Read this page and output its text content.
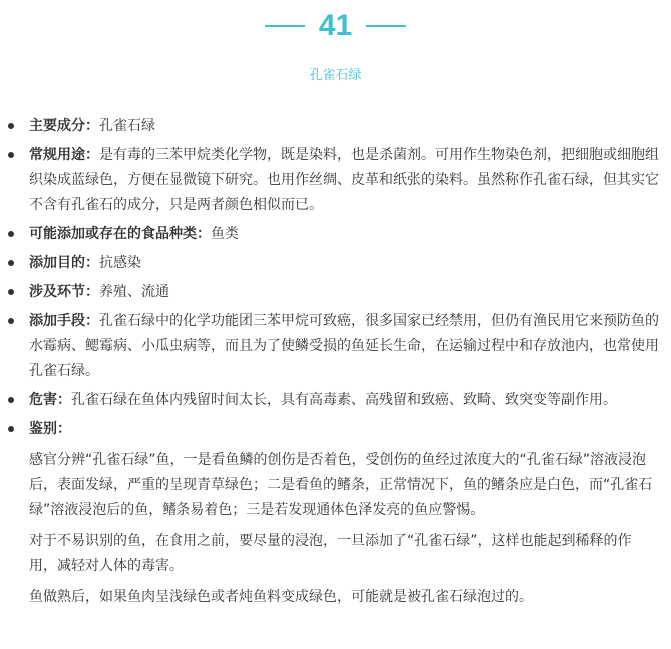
41
孔雀石绿
主要成分：孔雀石绿
常规用途：是有毒的三苯甲烷类化学物，既是染料，也是杀菌剂。可用作生物染色剂，把细胞或细胞组织染成蓝绿色，方便在显微镜下研究。也用作丝绸、皮革和纸张的染料。虽然称作孔雀石绿，但其实它不含有孔雀石的成分，只是两者颜色相似而已。
可能添加或存在的食品种类：鱼类
添加目的：抗感染
涉及环节：养殖、流通
添加手段：孔雀石绿中的化学功能团三苯甲烷可致癌，很多国家已经禁用，但仍有渔民用它来预防鱼的水霉病、鳃霉病、小瓜虫病等，而且为了使鳞受损的鱼延长生命，在运输过程中和存放池内，也常使用孔雀石绿。
危害：孔雀石绿在鱼体内残留时间太长，具有高毒素、高残留和致癌、致畸、致突变等副作用。
鉴别：

感官分辨“孔雀石绿”鱼，一是看鱼鳞的创伤是否着色，受创伤的鱼经过浓度大的“孔雀石绿”溶液浸泡后，表面发绿，严重的呈现青草绿色；二是看鱼的鳍条，正常情况下，鱼的鳍条应是白色，而“孔雀石绿”溶液浸泡后的鱼，鳍条易着色；三是若发现通体色泽发亮的鱼应警惕。

对于不易识别的鱼，在食用之前，要尽量的浸泡，一旦添加了“孔雀石绿”，这样也能起到稀释的作用，减轻对人体的毒害。

鱼做熟后，如果鱼肉呈浅绿色或者炖鱼料变成绿色，可能就是被孔雀石绿泡过的。
